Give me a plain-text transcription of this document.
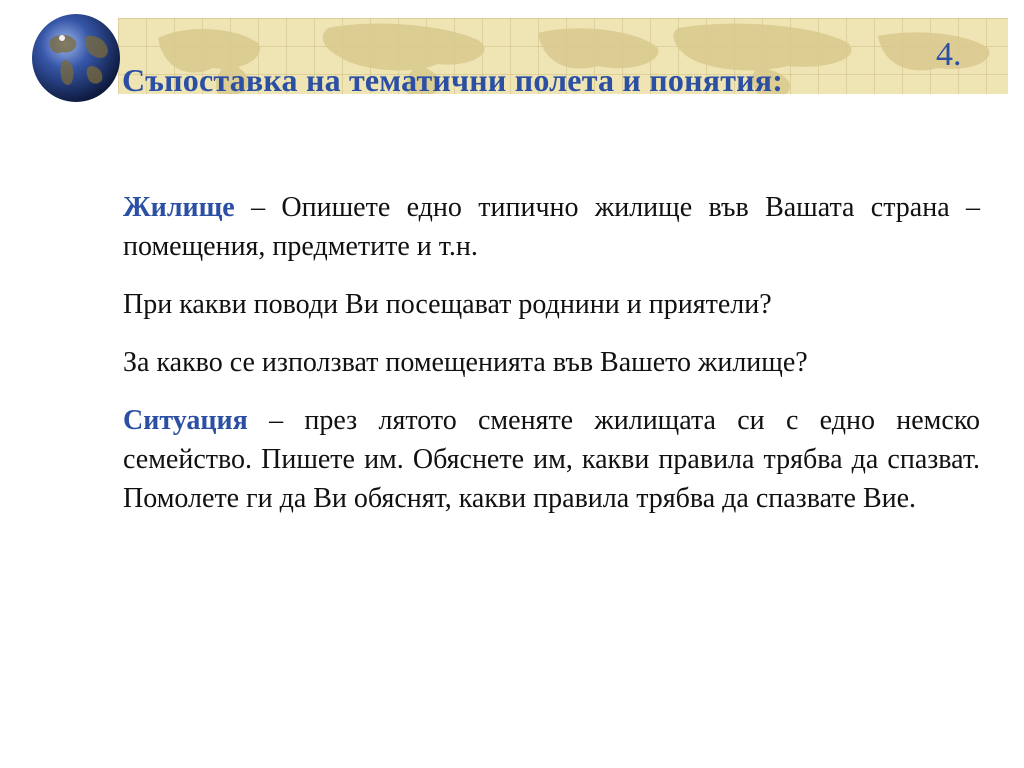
Съпоставка на тематични полета и понятия:
4.

Жилище – Опишете едно типично жилище във Вашата страна – помещения, предметите и т.н.

При какви поводи Ви посещават роднини и приятели?

За какво се използват помещенията във Вашето жилище?

Ситуация – през лятото сменяте жилищата си с едно немско семейство. Пишете им. Обяснете им, какви правила трябва да спазват. Помолете ги да Ви обяснят, какви правила трябва да спазвате Вие.
